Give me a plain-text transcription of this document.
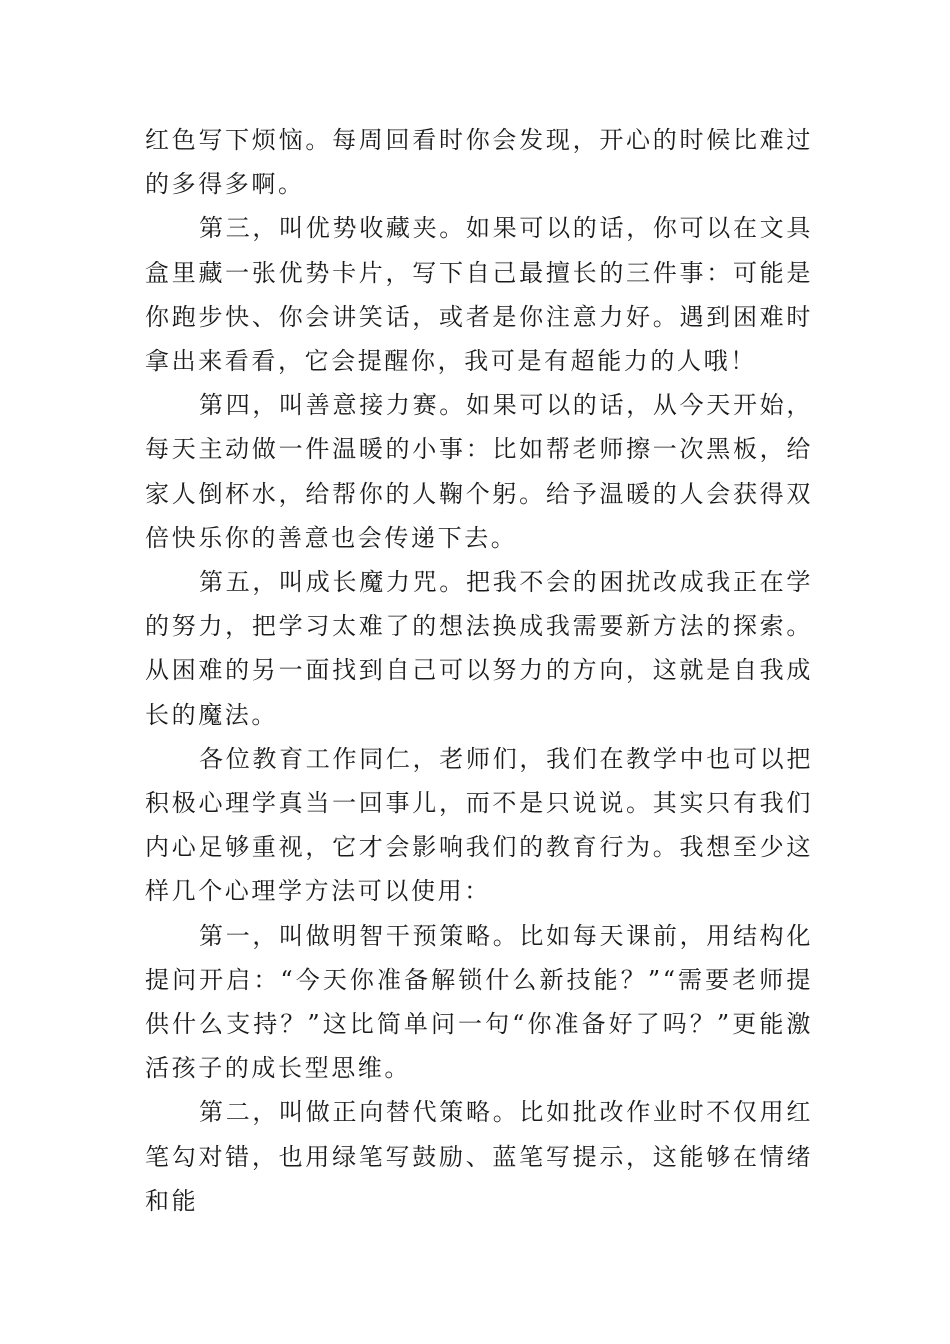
红色写下烦恼。每周回看时你会发现，开心的时候比难过的多得多啊。

第三，叫优势收藏夹。如果可以的话，你可以在文具盒里藏一张优势卡片，写下自己最擅长的三件事：可能是你跑步快、你会讲笑话，或者是你注意力好。遇到困难时拿出来看看，它会提醒你，我可是有超能力的人哦！

第四，叫善意接力赛。如果可以的话，从今天开始，每天主动做一件温暖的小事：比如帮老师擦一次黑板，给家人倒杯水，给帮你的人鞠个躬。给予温暖的人会获得双倍快乐你的善意也会传递下去。

第五，叫成长魔力咒。把我不会的困扰改成我正在学的努力，把学习太难了的想法换成我需要新方法的探索。从困难的另一面找到自己可以努力的方向，这就是自我成长的魔法。

各位教育工作同仁，老师们，我们在教学中也可以把积极心理学真当一回事儿，而不是只说说。其实只有我们内心足够重视，它才会影响我们的教育行为。我想至少这样几个心理学方法可以使用：

第一，叫做明智干预策略。比如每天课前，用结构化提问开启：“今天你准备解锁什么新技能？”“需要老师提供什么支持？”这比简单问一句“你准备好了吗？”更能激活孩子的成长型思维。

第二，叫做正向替代策略。比如批改作业时不仅用红笔勾对错，也用绿笔写鼓励、蓝笔写提示，这能够在情绪和能
